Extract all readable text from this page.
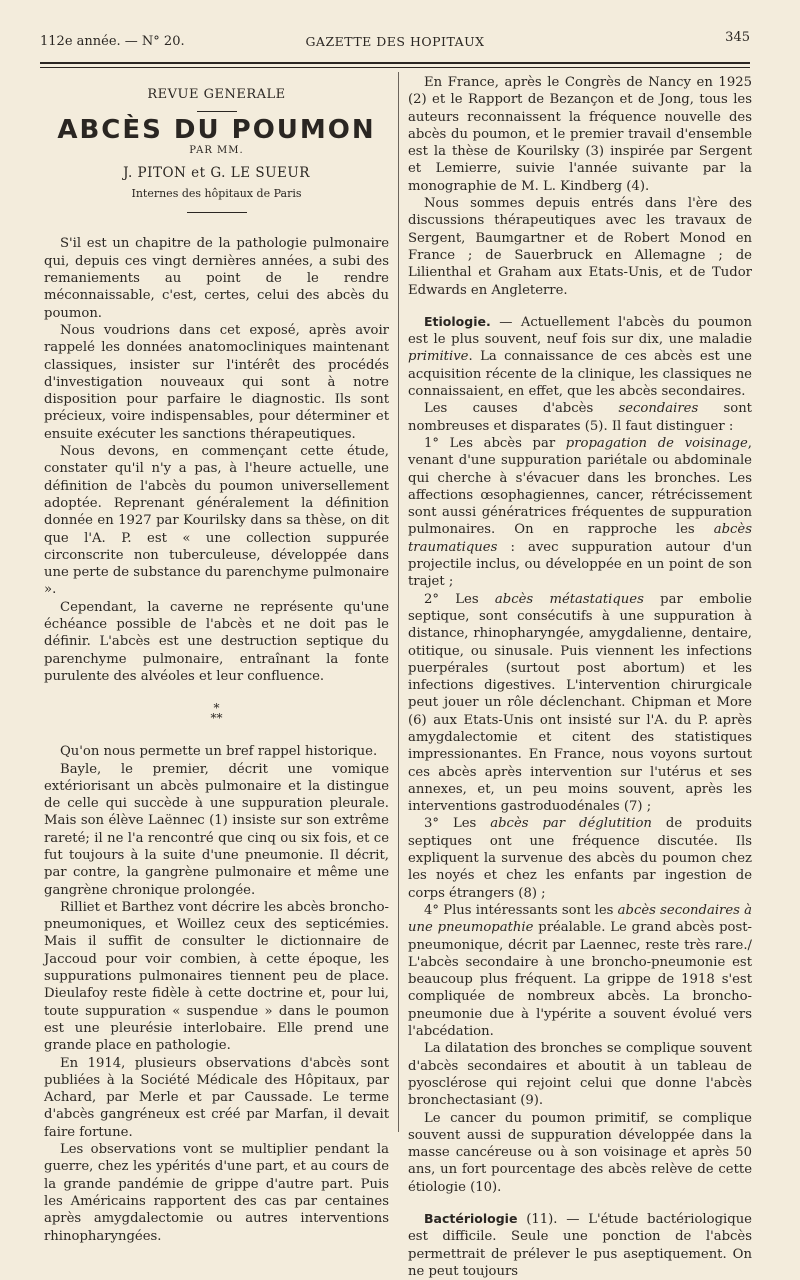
112e année. — N° 20.	GAZETTE DES HOPITAUX	345
REVUE GENERALE
ABCÈS DU POUMON
PAR MM.
J. PITON et G. LE SUEUR
Internes des hôpitaux de Paris

S'il est un chapitre de la pathologie pulmonaire qui, depuis ces vingt dernières années, a subi des remaniements au point de le rendre méconnaissable, c'est, certes, celui des abcès du poumon.

Nous voudrions dans cet exposé, après avoir rappelé les données anatomocliniques maintenant classiques, insister sur l'intérêt des procédés d'investigation nouveaux qui sont à notre disposition pour parfaire le diagnostic. Ils sont précieux, voire indispensables, pour déterminer et ensuite exécuter les sanctions thérapeutiques.

Nous devons, en commençant cette étude, constater qu'il n'y a pas, à l'heure actuelle, une définition de l'abcès du poumon universellement adoptée. Reprenant généralement la définition donnée en 1927 par Kourilsky dans sa thèse, on dit que l'A. P. est « une collection suppurée circonscrite non tuberculeuse, développée dans une perte de substance du parenchyme pulmonaire ».

Cependant, la caverne ne représente qu'une échéance possible de l'abcès et ne doit pas le définir. L'abcès est une destruction septique du parenchyme pulmonaire, entraînant la fonte purulente des alvéoles et leur confluence.

*
**

Qu'on nous permette un bref rappel historique.

Bayle, le premier, décrit une vomique extériorisant un abcès pulmonaire et la distingue de celle qui succède à une suppuration pleurale. Mais son élève Laënnec (1) insiste sur son extrême rareté; il ne l'a rencontré que cinq ou six fois, et ce fut toujours à la suite d'une pneumonie. Il décrit, par contre, la gangrène pulmonaire et même une gangrène chronique prolongée.

Rilliet et Barthez vont décrire les abcès broncho-pneumoniques, et Woillez ceux des septicémies. Mais il suffit de consulter le dictionnaire de Jaccoud pour voir combien, à cette époque, les suppurations pulmonaires tiennent peu de place. Dieulafoy reste fidèle à cette doctrine et, pour lui, toute suppuration « suspendue » dans le poumon est une pleurésie interlobaire. Elle prend une grande place en pathologie.

En 1914, plusieurs observations d'abcès sont publiées à la Société Médicale des Hôpitaux, par Achard, par Merle et par Caussade. Le terme d'abcès gangréneux est créé par Marfan, il devait faire fortune.

Les observations vont se multiplier pendant la guerre, chez les ypérités d'une part, et au cours de la grande pandémie de grippe d'autre part. Puis les Américains rapportent des cas par centaines après amygdalectomie ou autres interventions rhinopharyngées.

En France, après le Congrès de Nancy en 1925 (2) et le Rapport de Bezançon et de Jong, tous les auteurs reconnaissent la fréquence nouvelle des abcès du poumon, et le premier travail d'ensemble est la thèse de Kourilsky (3) inspirée par Sergent et Lemierre, suivie l'année suivante par la monographie de M. L. Kindberg (4).

Nous sommes depuis entrés dans l'ère des discussions thérapeutiques avec les travaux de Sergent, Baumgartner et de Robert Monod en France ; de Sauerbruck en Allemagne ; de Lilienthal et Graham aux Etats-Unis, et de Tudor Edwards en Angleterre.

Etiologie. — Actuellement l'abcès du poumon est le plus souvent, neuf fois sur dix, une maladie primitive. La connaissance de ces abcès est une acquisition récente de la clinique, les classiques ne connaissaient, en effet, que les abcès secondaires.

Les causes d'abcès secondaires sont nombreuses et disparates (5). Il faut distinguer :

1° Les abcès par propagation de voisinage, venant d'une suppuration pariétale ou abdominale qui cherche à s'évacuer dans les bronches. Les affections œsophagiennes, cancer, rétrécissement sont aussi génératrices fréquentes de suppuration pulmonaires. On en rapproche les abcès traumatiques : avec suppuration autour d'un projectile inclus, ou développée en un point de son trajet ;

2° Les abcès métastatiques par embolie septique, sont consécutifs à une suppuration à distance, rhinopharyngée, amygdalienne, dentaire, otitique, ou sinusale. Puis viennent les infections puerpérales (surtout post abortum) et les infections digestives. L'intervention chirurgicale peut jouer un rôle déclenchant. Chipman et More (6) aux Etats-Unis ont insisté sur l'A. du P. après amygdalectomie et citent des statistiques impressionantes. En France, nous voyons surtout ces abcès après intervention sur l'utérus et ses annexes, et, un peu moins souvent, après les interventions gastroduodénales (7) ;

3° Les abcès par déglutition de produits septiques ont une fréquence discutée. Ils expliquent la survenue des abcès du poumon chez les noyés et chez les enfants par ingestion de corps étrangers (8) ;

4° Plus intéressants sont les abcès secondaires à une pneumopathie préalable. Le grand abcès post-pneumonique, décrit par Laennec, reste très rare./ L'abcès secondaire à une broncho-pneumonie est beaucoup plus fréquent. La grippe de 1918 s'est compliquée de nombreux abcès. La broncho-pneumonie due à l'ypérite a souvent évolué vers l'abcédation.

La dilatation des bronches se complique souvent d'abcès secondaires et aboutit à un tableau de pyosclérose qui rejoint celui que donne l'abcès bronchectasiant (9).

Le cancer du poumon primitif, se complique souvent aussi de suppuration développée dans la masse cancéreuse ou à son voisinage et après 50 ans, un fort pourcentage des abcès relève de cette étiologie (10).

Bactériologie (11). — L'étude bactériologique est difficile. Seule une ponction de l'abcès permettrait de prélever le pus aseptiquement. On ne peut toujours
